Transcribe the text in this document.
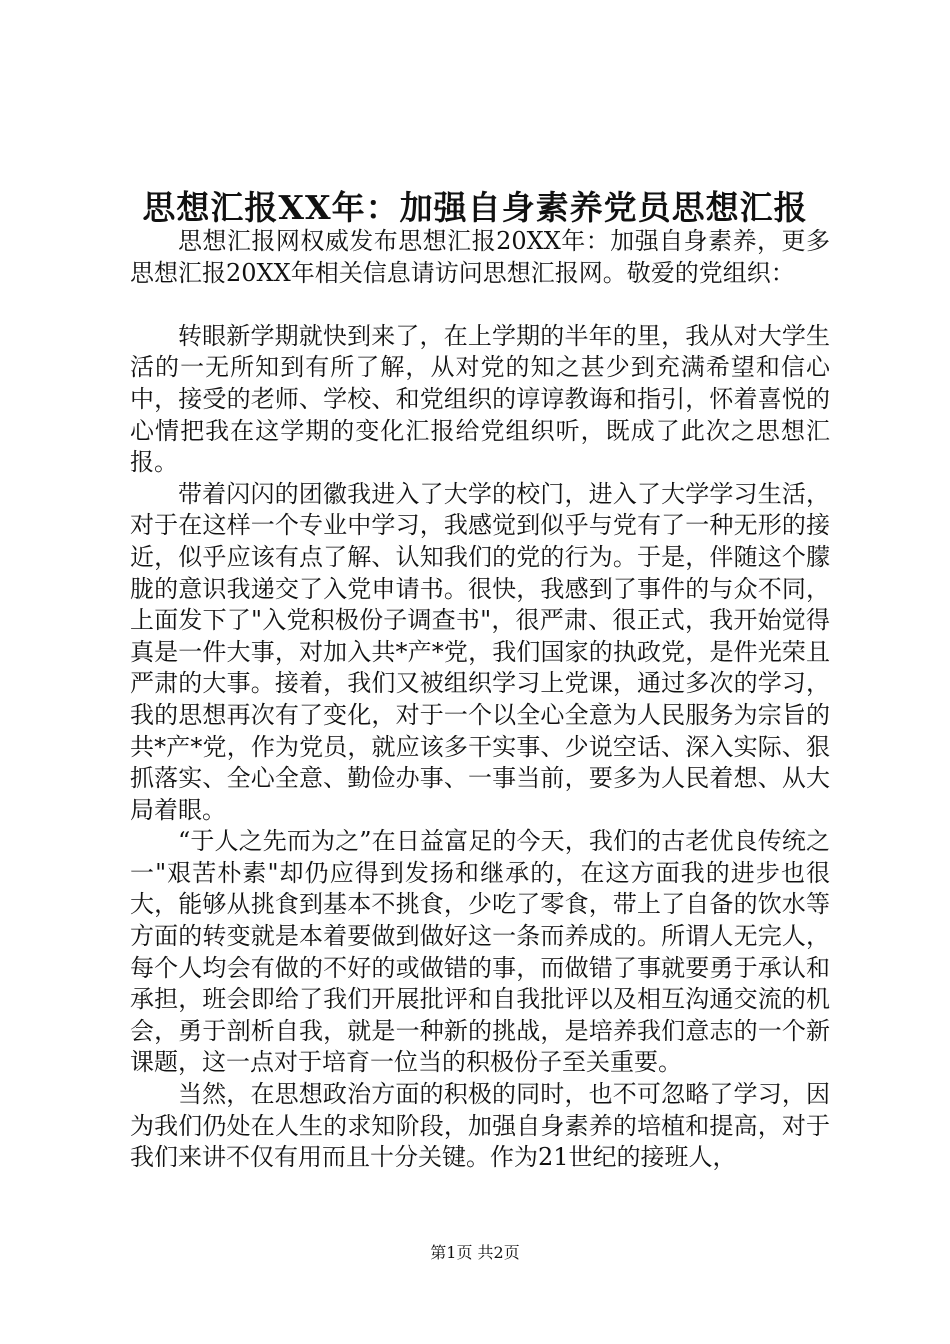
思想汇报XX年：加强自身素养党员思想汇报

思想汇报网权威发布思想汇报20XX年：加强自身素养，更多思想汇报20XX年相关信息请访问思想汇报网。敬爱的党组织：

转眼新学期就快到来了，在上学期的半年的里，我从对大学生活的一无所知到有所了解，从对党的知之甚少到充满希望和信心中，接受的老师、学校、和党组织的谆谆教诲和指引，怀着喜悦的心情把我在这学期的变化汇报给党组织听，既成了此次之思想汇报。

带着闪闪的团徽我进入了大学的校门，进入了大学学习生活，对于在这样一个专业中学习，我感觉到似乎与党有了一种无形的接近，似乎应该有点了解、认知我们的党的行为。于是，伴随这个朦胧的意识我递交了入党申请书。很快，我感到了事件的与众不同，上面发下了"入党积极份子调查书"，很严肃、很正式，我开始觉得真是一件大事，对加入共*产*党，我们国家的执政党，是件光荣且严肃的大事。接着，我们又被组织学习上党课，通过多次的学习，我的思想再次有了变化，对于一个以全心全意为人民服务为宗旨的共*产*党，作为党员，就应该多干实事、少说空话、深入实际、狠抓落实、全心全意、勤俭办事、一事当前，要多为人民着想、从大局着眼。

“于人之先而为之”在日益富足的今天，我们的古老优良传统之一"艰苦朴素"却仍应得到发扬和继承的，在这方面我的进步也很大，能够从挑食到基本不挑食，少吃了零食，带上了自备的饮水等方面的转变就是本着要做到做好这一条而养成的。所谓人无完人，每个人均会有做的不好的或做错的事，而做错了事就要勇于承认和承担，班会即给了我们开展批评和自我批评以及相互沟通交流的机会，勇于剖析自我，就是一种新的挑战，是培养我们意志的一个新课题，这一点对于培育一位当的积极份子至关重要。

当然，在思想政治方面的积极的同时，也不可忽略了学习，因为我们仍处在人生的求知阶段，加强自身素养的培植和提高，对于我们来讲不仅有用而且十分关键。作为21世纪的接班人，

第1页 共2页
